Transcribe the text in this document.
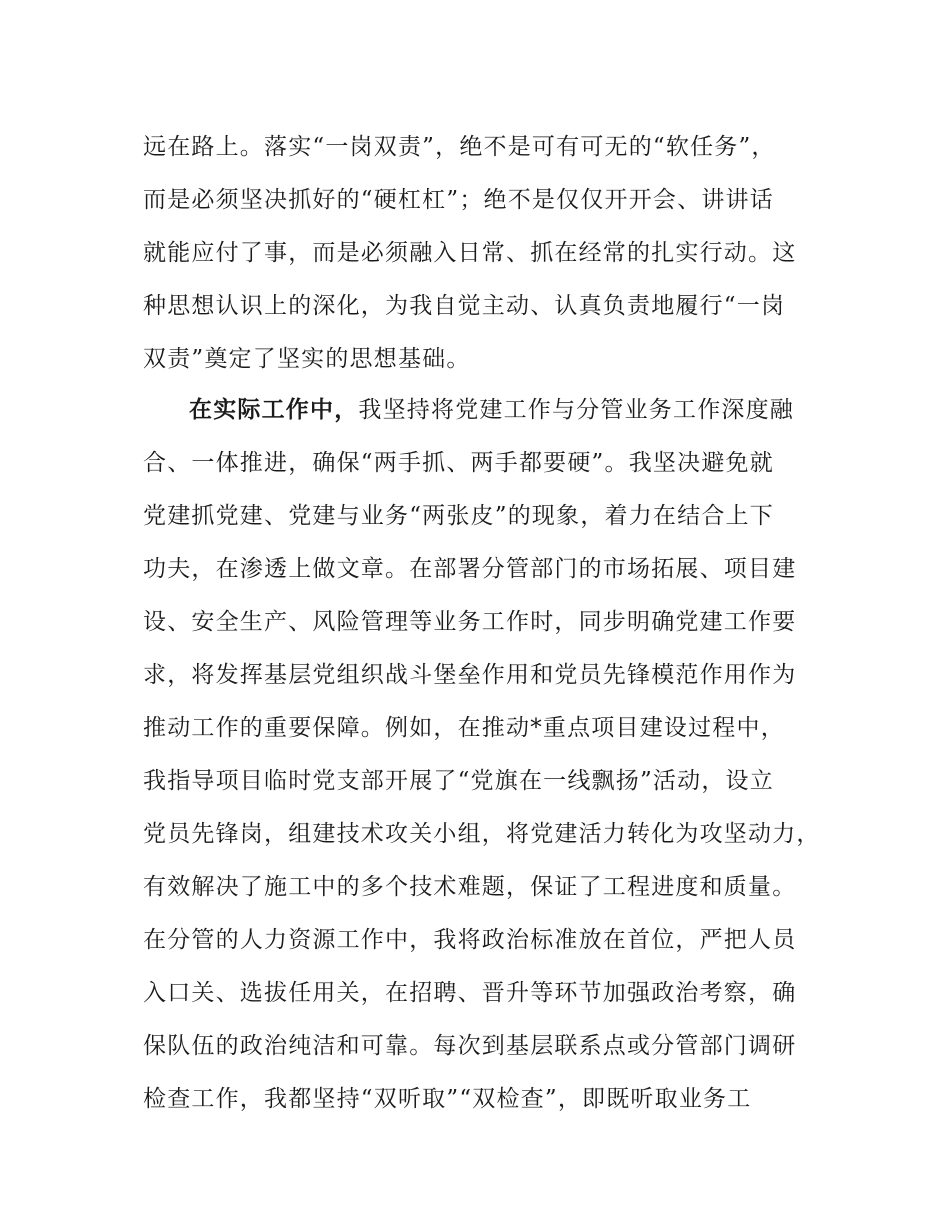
远在路上。落实“一岗双责”，绝不是可有可无的“软任务”，
而是必须坚决抓好的“硬杠杠”；绝不是仅仅开开会、讲讲话
就能应付了事，而是必须融入日常、抓在经常的扎实行动。这
种思想认识上的深化，为我自觉主动、认真负责地履行“一岗
双责”奠定了坚实的思想基础。
在实际工作中，我坚持将党建工作与分管业务工作深度融
合、一体推进，确保“两手抓、两手都要硬”。我坚决避免就
党建抓党建、党建与业务“两张皮”的现象，着力在结合上下
功夫，在渗透上做文章。在部署分管部门的市场拓展、项目建
设、安全生产、风险管理等业务工作时，同步明确党建工作要
求，将发挥基层党组织战斗堡垒作用和党员先锋模范作用作为
推动工作的重要保障。例如，在推动*重点项目建设过程中，
我指导项目临时党支部开展了“党旗在一线飘扬”活动，设立
党员先锋岗，组建技术攻关小组，将党建活力转化为攻坚动力，
有效解决了施工中的多个技术难题，保证了工程进度和质量。
在分管的人力资源工作中，我将政治标准放在首位，严把人员
入口关、选拔任用关，在招聘、晋升等环节加强政治考察，确
保队伍的政治纯洁和可靠。每次到基层联系点或分管部门调研
检查工作，我都坚持“双听取”“双检查”，即既听取业务工
